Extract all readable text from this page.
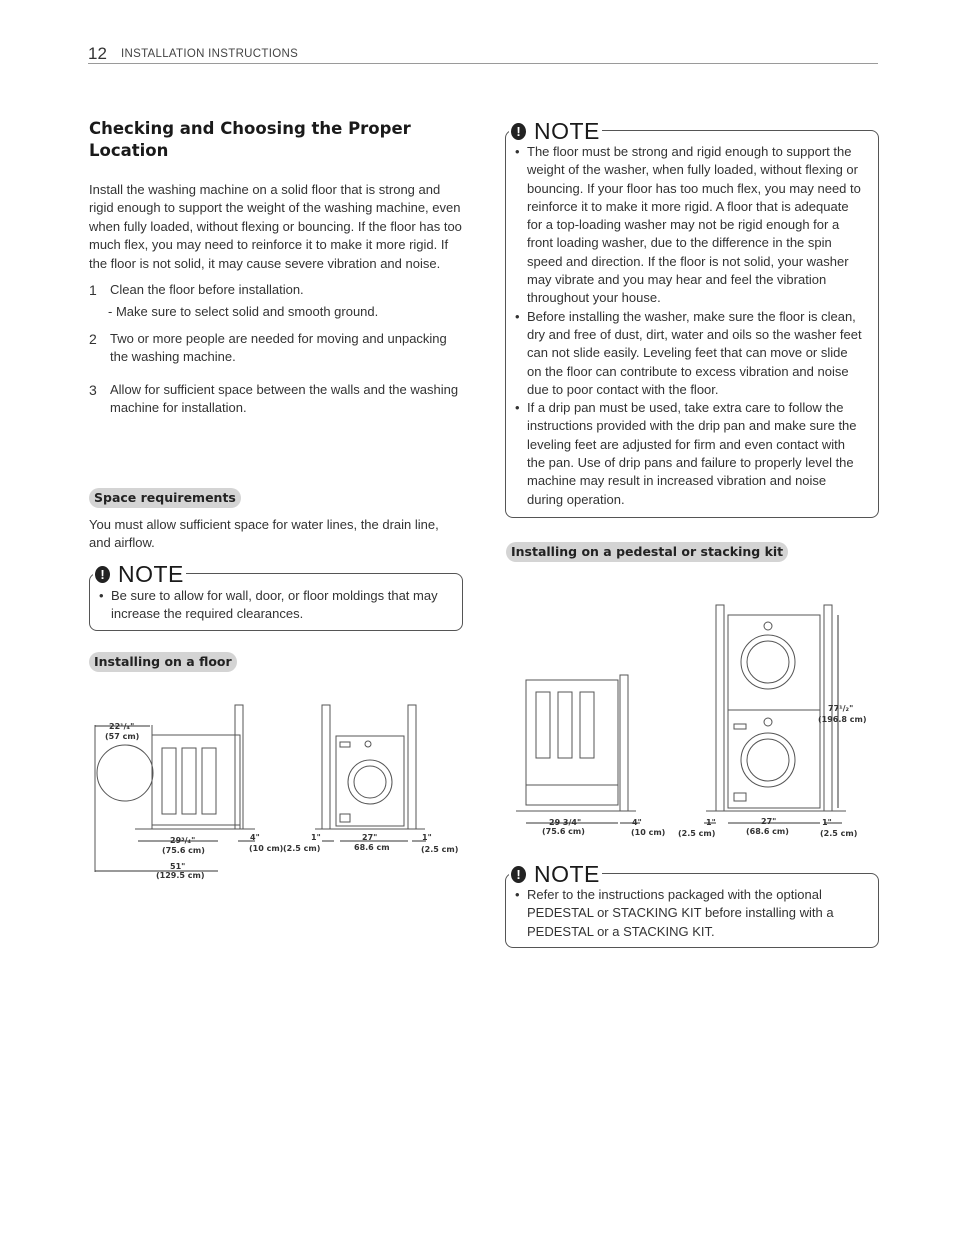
12 INSTALLATION INSTRUCTIONS
Checking and Choosing the Proper
Location

Install the washing machine on a solid floor that is strong and rigid enough to support the weight of the washing machine, even when fully loaded, without flexing or bouncing. If the floor has too much flex, you may need to reinforce it to make it more rigid. If the floor is not solid, it may cause severe vibration and noise.

1 Clean the floor before installation.
- Make sure to select solid and smooth ground.
2 Two or more people are needed for moving and unpacking the washing machine.
3 Allow for sufficient space between the walls and the washing machine for installation.
Space requirements

You must allow sufficient space for water lines, the drain line, and airflow.

! NOTE
• Be sure to allow for wall, door, or floor moldings that may increase the required clearances.
Installing on a floor
22¹/₄"
(57 cm)
29³/₄"
(75.6 cm)
51"
(129.5 cm)
4"
(10 cm)
1"
(2.5 cm)
27"
68.6 cm
1"
(2.5 cm)
! NOTE
• The floor must be strong and rigid enough to support the weight of the washer, when fully loaded, without flexing or bouncing. If your floor has too much flex, you may need to reinforce it to make it more rigid. A floor that is adequate for a top-loading washer may not be rigid enough for a front loading washer, due to the difference in the spin speed and direction. If the floor is not solid, your washer may vibrate and you may hear and feel the vibration throughout your house.
• Before installing the washer, make sure the floor is clean, dry and free of dust, dirt, water and oils so the washer feet can not slide easily. Leveling feet that can move or slide on the floor can contribute to excess vibration and noise due to poor contact with the floor.
• If a drip pan must be used, take extra care to follow the instructions provided with the drip pan and make sure the leveling feet are adjusted for firm and even contact with the pan. Use of drip pans and failure to properly level the machine may result in increased vibration and noise during operation.
Installing on a pedestal or stacking kit
77¹/₂"
(196.8 cm)
29 3/4"
(75.6 cm)
4"
(10 cm)
1"
(2.5 cm)
27"
(68.6 cm)
1"
(2.5 cm)
! NOTE
• Refer to the instructions packaged with the optional PEDESTAL or STACKING KIT before installing with a PEDESTAL or a STACKING KIT.
